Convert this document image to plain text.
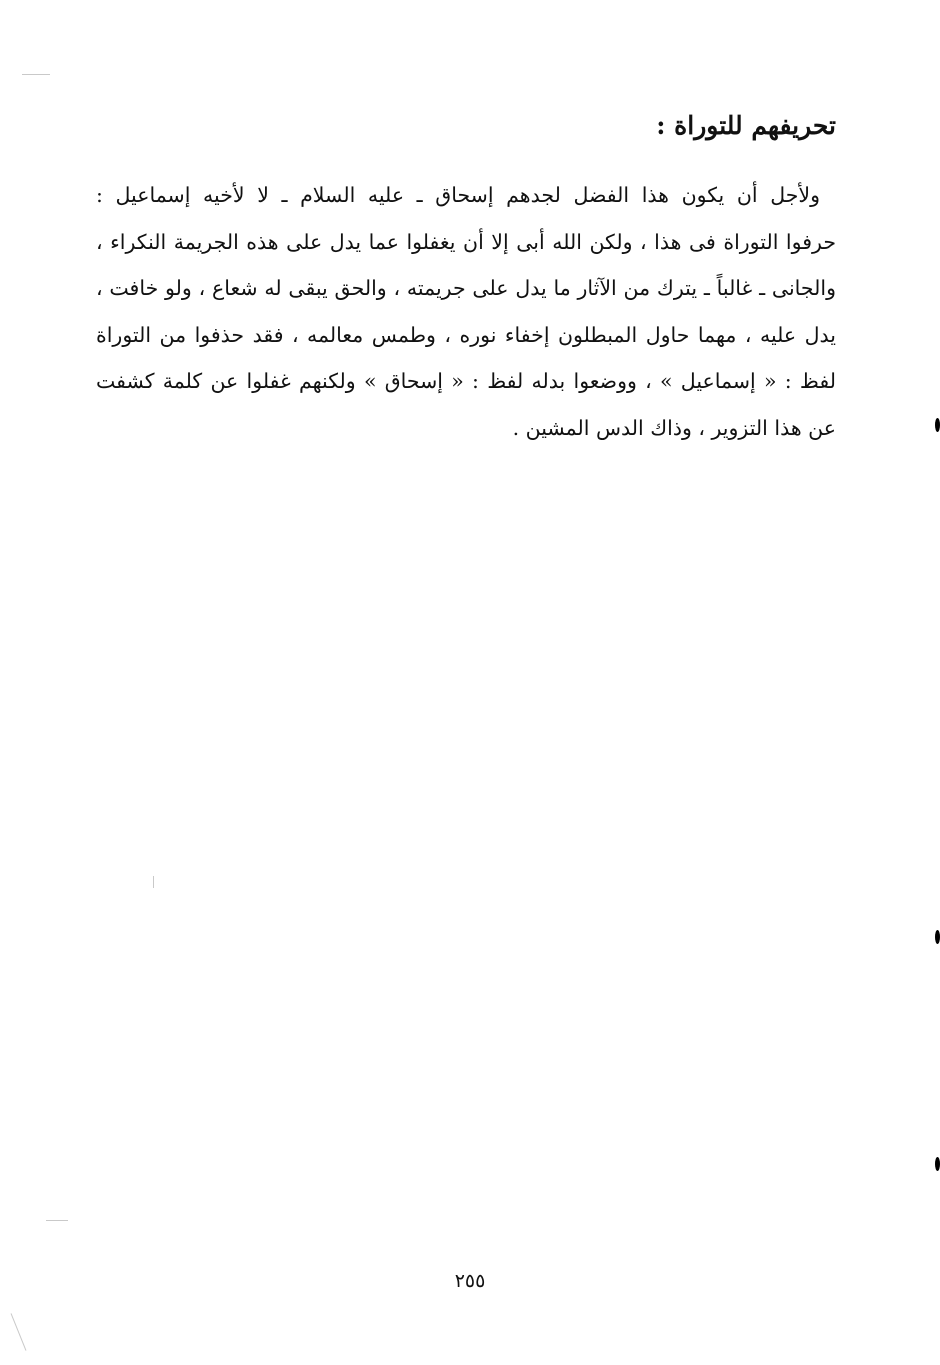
تحريفهم للتوراة :
ولأجل أن يكون هذا الفضل لجدهم إسحاق ـ عليه السلام ـ لا لأخيه إسماعيل :
حرفوا التوراة فى هذا ، ولكن الله أبى إلا أن يغفلوا عما يدل على هذه الجريمة النكراء ،
والجانى ـ غالباً ـ يترك من الآثار ما يدل على جريمته ، والحق يبقى له شعاع ، ولو خافت ،
يدل عليه ، مهما حاول المبطلون إخفاء نوره ، وطمس معالمه ، فقد حذفوا من التوراة
لفظ : « إسماعيل » ، ووضعوا بدله لفظ : « إسحاق » ولكنهم غفلوا عن كلمة كشفت
عن هذا التزوير ، وذاك الدس المشين .
٢٥٥
